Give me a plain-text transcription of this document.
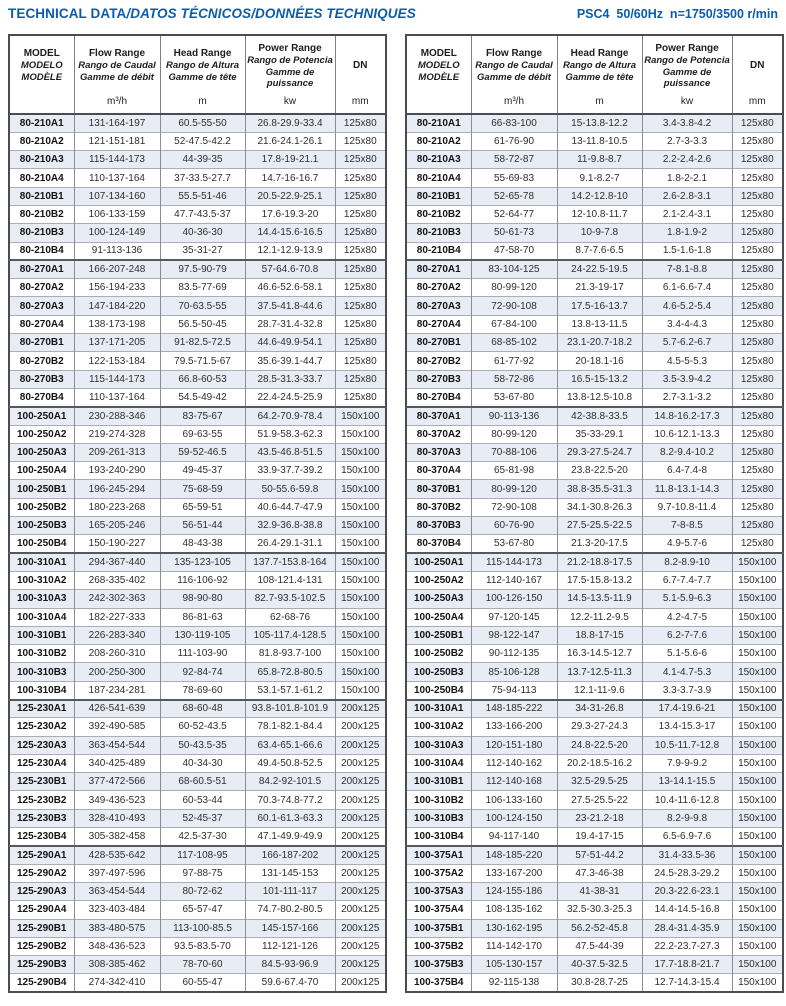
TECHNICAL DATA/DATOS TÉCNICOS/DONNÉES TECHNIQUES	PSC4  50/60Hz  n=1750/3500 r/min
MODEL
MODELO
MODÈLE

Flow Range
Rango de Caudal
Gamme de débit
m³/h

Head Range
Rango de Altura
Gamme de tête
m

Power Range
Rango de Potencia
Gamme de puissance
kw

DN
mm

80-210A1	131-164-197	60.5-55-50	26.8-29.9-33.4	125x80
80-210A2	121-151-181	52-47.5-42.2	21.6-24.1-26.1	125x80
80-210A3	115-144-173	44-39-35	17.8-19-21.1	125x80
80-210A4	110-137-164	37-33.5-27.7	14.7-16-16.7	125x80
80-210B1	107-134-160	55.5-51-46	20.5-22.9-25.1	125x80
80-210B2	106-133-159	47.7-43.5-37	17.6-19.3-20	125x80
80-210B3	100-124-149	40-36-30	14.4-15.6-16.5	125x80
80-210B4	91-113-136	35-31-27	12.1-12.9-13.9	125x80
80-270A1	166-207-248	97.5-90-79	57-64.6-70.8	125x80
80-270A2	156-194-233	83.5-77-69	46.6-52.6-58.1	125x80
80-270A3	147-184-220	70-63.5-55	37.5-41.8-44.6	125x80
80-270A4	138-173-198	56.5-50-45	28.7-31.4-32.8	125x80
80-270B1	137-171-205	91-82.5-72.5	44.6-49.9-54.1	125x80
80-270B2	122-153-184	79.5-71.5-67	35.6-39.1-44.7	125x80
80-270B3	115-144-173	66.8-60-53	28.5-31.3-33.7	125x80
80-270B4	110-137-164	54.5-49-42	22.4-24.5-25.9	125x80
100-250A1	230-288-346	83-75-67	64.2-70.9-78.4	150x100
100-250A2	219-274-328	69-63-55	51.9-58.3-62.3	150x100
100-250A3	209-261-313	59-52-46.5	43.5-46.8-51.5	150x100
100-250A4	193-240-290	49-45-37	33.9-37.7-39.2	150x100
100-250B1	196-245-294	75-68-59	50-55.6-59.8	150x100
100-250B2	180-223-268	65-59-51	40.6-44.7-47.9	150x100
100-250B3	165-205-246	56-51-44	32.9-36.8-38.8	150x100
100-250B4	150-190-227	48-43-38	26.4-29.1-31.1	150x100
100-310A1	294-367-440	135-123-105	137.7-153.8-164	150x100
100-310A2	268-335-402	116-106-92	108-121.4-131	150x100
100-310A3	242-302-363	98-90-80	82.7-93.5-102.5	150x100
100-310A4	182-227-333	86-81-63	62-68-76	150x100
100-310B1	226-283-340	130-119-105	105-117.4-128.5	150x100
100-310B2	208-260-310	111-103-90	81.8-93.7-100	150x100
100-310B3	200-250-300	92-84-74	65.8-72.8-80.5	150x100
100-310B4	187-234-281	78-69-60	53.1-57.1-61.2	150x100
125-230A1	426-541-639	68-60-48	93.8-101.8-101.9	200x125
125-230A2	392-490-585	60-52-43.5	78.1-82.1-84.4	200x125
125-230A3	363-454-544	50-43.5-35	63.4-65.1-66.6	200x125
125-230A4	340-425-489	40-34-30	49.4-50.8-52.5	200x125
125-230B1	377-472-566	68-60.5-51	84.2-92-101.5	200x125
125-230B2	349-436-523	60-53-44	70.3-74.8-77.2	200x125
125-230B3	328-410-493	52-45-37	60.1-61.3-63.3	200x125
125-230B4	305-382-458	42.5-37-30	47.1-49.9-49.9	200x125
125-290A1	428-535-642	117-108-95	166-187-202	200x125
125-290A2	397-497-596	97-88-75	131-145-153	200x125
125-290A3	363-454-544	80-72-62	101-111-117	200x125
125-290A4	323-403-484	65-57-47	74.7-80.2-80.5	200x125
125-290B1	383-480-575	113-100-85.5	145-157-166	200x125
125-290B2	348-436-523	93.5-83.5-70	112-121-126	200x125
125-290B3	308-385-462	78-70-60	84.5-93-96.9	200x125
125-290B4	274-342-410	60-55-47	59.6-67.4-70	200x125
MODEL
MODELO
MODÈLE

Flow Range
Rango de Caudal
Gamme de débit
m³/h

Head Range
Rango de Altura
Gamme de tête
m

Power Range
Rango de Potencia
Gamme de puissance
kw

DN
mm

80-210A1	66-83-100	15-13.8-12.2	3.4-3.8-4.2	125x80
80-210A2	61-76-90	13-11.8-10.5	2.7-3-3.3	125x80
80-210A3	58-72-87	11-9.8-8.7	2.2-2.4-2.6	125x80
80-210A4	55-69-83	9.1-8.2-7	1.8-2-2.1	125x80
80-210B1	52-65-78	14.2-12.8-10	2.6-2.8-3.1	125x80
80-210B2	52-64-77	12-10.8-11.7	2.1-2.4-3.1	125x80
80-210B3	50-61-73	10-9-7.8	1.8-1.9-2	125x80
80-210B4	47-58-70	8.7-7.6-6.5	1.5-1.6-1.8	125x80
80-270A1	83-104-125	24-22.5-19.5	7-8.1-8.8	125x80
80-270A2	80-99-120	21.3-19-17	6.1-6.6-7.4	125x80
80-270A3	72-90-108	17.5-16-13.7	4.6-5.2-5.4	125x80
80-270A4	67-84-100	13.8-13-11.5	3.4-4-4.3	125x80
80-270B1	68-85-102	23.1-20.7-18.2	5.7-6.2-6.7	125x80
80-270B2	61-77-92	20-18.1-16	4.5-5-5.3	125x80
80-270B3	58-72-86	16.5-15-13.2	3.5-3.9-4.2	125x80
80-270B4	53-67-80	13.8-12.5-10.8	2.7-3.1-3.2	125x80
80-370A1	90-113-136	42-38.8-33.5	14.8-16.2-17.3	125x80
80-370A2	80-99-120	35-33-29.1	10.6-12.1-13.3	125x80
80-370A3	70-88-106	29.3-27.5-24.7	8.2-9.4-10.2	125x80
80-370A4	65-81-98	23.8-22.5-20	6.4-7.4-8	125x80
80-370B1	80-99-120	38.8-35.5-31.3	11.8-13.1-14.3	125x80
80-370B2	72-90-108	34.1-30.8-26.3	9.7-10.8-11.4	125x80
80-370B3	60-76-90	27.5-25.5-22.5	7-8-8.5	125x80
80-370B4	53-67-80	21.3-20-17.5	4.9-5.7-6	125x80
100-250A1	115-144-173	21.2-18.8-17.5	8.2-8.9-10	150x100
100-250A2	112-140-167	17.5-15.8-13.2	6.7-7.4-7.7	150x100
100-250A3	100-126-150	14.5-13.5-11.9	5.1-5.9-6.3	150x100
100-250A4	97-120-145	12.2-11.2-9.5	4.2-4.7-5	150x100
100-250B1	98-122-147	18.8-17-15	6.2-7-7.6	150x100
100-250B2	90-112-135	16.3-14.5-12.7	5.1-5.6-6	150x100
100-250B3	85-106-128	13.7-12.5-11.3	4.1-4.7-5.3	150x100
100-250B4	75-94-113	12.1-11-9.6	3.3-3.7-3.9	150x100
100-310A1	148-185-222	34-31-26.8	17.4-19.6-21	150x100
100-310A2	133-166-200	29.3-27-24.3	13.4-15.3-17	150x100
100-310A3	120-151-180	24.8-22.5-20	10.5-11.7-12.8	150x100
100-310A4	112-140-162	20.2-18.5-16.2	7.9-9-9.2	150x100
100-310B1	112-140-168	32.5-29.5-25	13-14.1-15.5	150x100
100-310B2	106-133-160	27.5-25.5-22	10.4-11.6-12.8	150x100
100-310B3	100-124-150	23-21.2-18	8.2-9-9.8	150x100
100-310B4	94-117-140	19.4-17-15	6.5-6.9-7.6	150x100
100-375A1	148-185-220	57-51-44.2	31.4-33.5-36	150x100
100-375A2	133-167-200	47.3-46-38	24.5-28.3-29.2	150x100
100-375A3	124-155-186	41-38-31	20.3-22.6-23.1	150x100
100-375A4	108-135-162	32.5-30.3-25.3	14.4-14.5-16.8	150x100
100-375B1	130-162-195	56.2-52-45.8	28.4-31.4-35.9	150x100
100-375B2	114-142-170	47.5-44-39	22.2-23.7-27.3	150x100
100-375B3	105-130-157	40-37.5-32.5	17.7-18.8-21.7	150x100
100-375B4	92-115-138	30.8-28.7-25	12.7-14.3-15.4	150x100
